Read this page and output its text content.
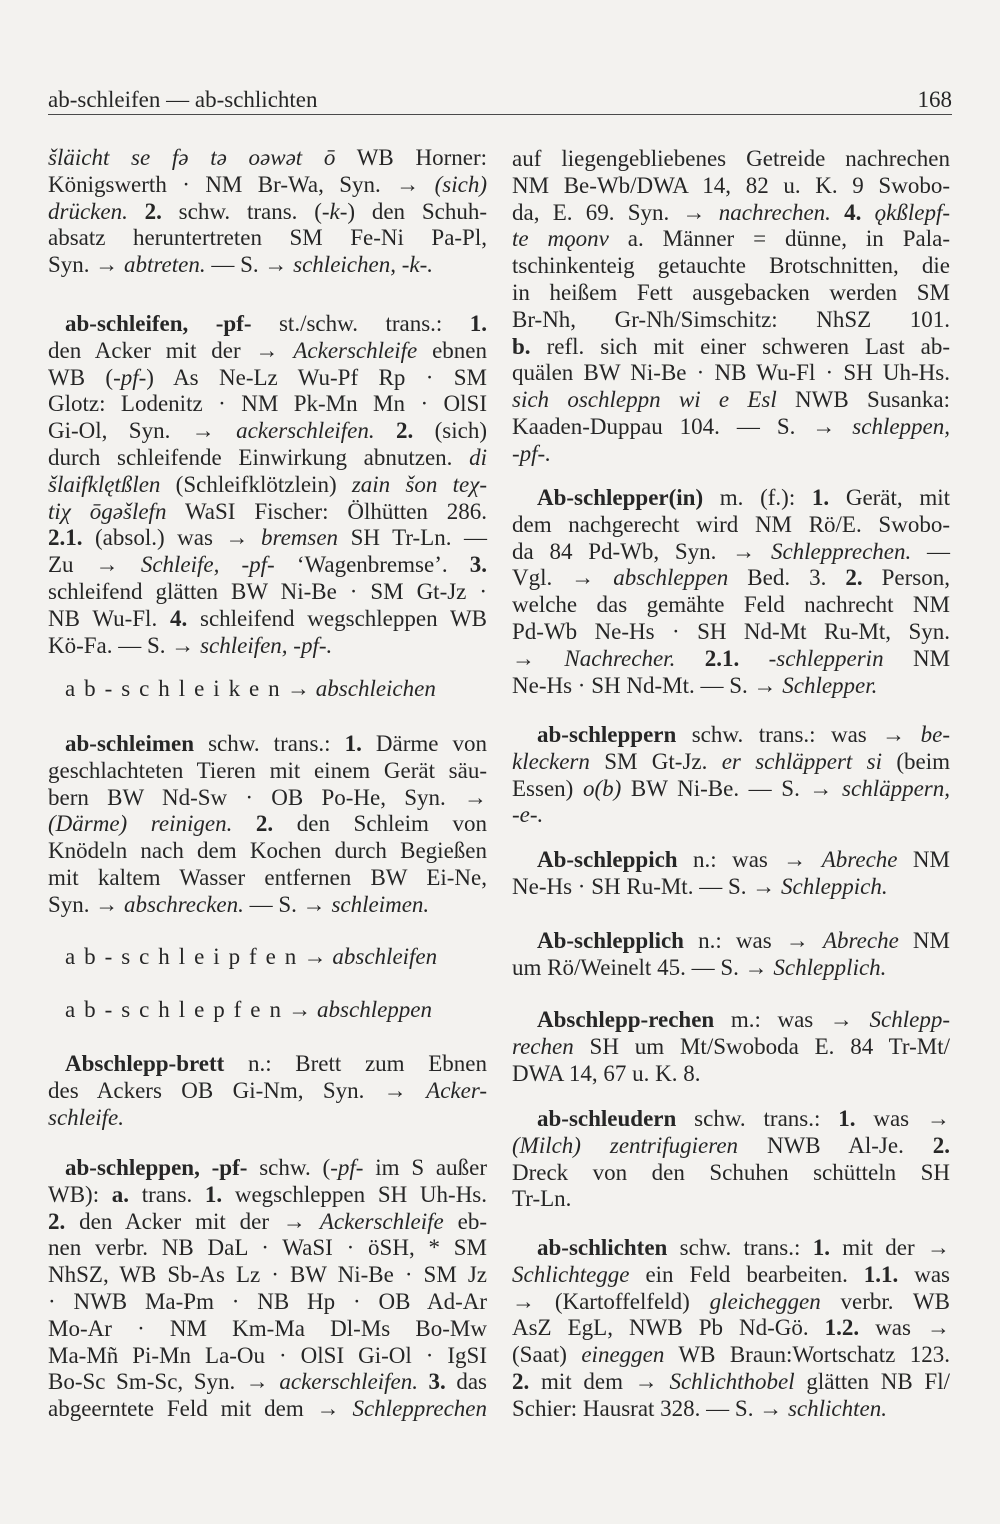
ab-schleifen — ab-schlichten	168
šläicht se fə tə oəwət ō WB Horner:
Königswerth · NM Br-Wa, Syn. → (sich)
drücken. 2. schw. trans. (-k-) den Schuh-
absatz heruntertreten SM Fe-Ni Pa-Pl,
Syn. → abtreten. — S. → schleichen, -k-.
ab-schleifen, -pf- st./schw. trans.: 1.
den Acker mit der → Ackerschleife ebnen
WB (-pf-) As Ne-Lz Wu-Pf Rp · SM
Glotz: Lodenitz · NM Pk-Mn Mn · OlSI
Gi-Ol, Syn. → ackerschleifen. 2. (sich)
durch schleifende Einwirkung abnutzen. di
šlaifklętßlen (Schleifklötzlein) zain šon teχ-
tiχ ōgəšlefn WaSI Fischer: Ölhütten 286.
2.1. (absol.) was → bremsen SH Tr-Ln. —
Zu → Schleife, -pf- ‘Wagenbremse’. 3.
schleifend glätten BW Ni-Be · SM Gt-Jz ·
NB Wu-Fl. 4. schleifend wegschleppen WB
Kö-Fa. — S. → schleifen, -pf-.
a b - s c h l e i k e n → abschleichen
ab-schleimen schw. trans.: 1. Därme von
geschlachteten Tieren mit einem Gerät säu-
bern BW Nd-Sw · OB Po-He, Syn. →
(Därme) reinigen. 2. den Schleim von
Knödeln nach dem Kochen durch Begießen
mit kaltem Wasser entfernen BW Ei-Ne,
Syn. → abschrecken. — S. → schleimen.
a b - s c h l e i p f e n → abschleifen
a b - s c h l e p f e n → abschleppen
Abschlepp-brett n.: Brett zum Ebnen
des Ackers OB Gi-Nm, Syn. → Acker-
schleife.
ab-schleppen, -pf- schw. (-pf- im S außer
WB): a. trans. 1. wegschleppen SH Uh-Hs.
2. den Acker mit der → Ackerschleife eb-
nen verbr. NB DaL · WaSI · öSH, * SM
NhSZ, WB Sb-As Lz · BW Ni-Be · SM Jz
· NWB Ma-Pm · NB Hp · OB Ad-Ar
Mo-Ar · NM Km-Ma Dl-Ms Bo-Mw
Ma-Mñ Pi-Mn La-Ou · OlSI Gi-Ol · IgSI
Bo-Sc Sm-Sc, Syn. → ackerschleifen. 3. das
abgeerntete Feld mit dem → Schlepprechen
auf liegengebliebenes Getreide nachrechen
NM Be-Wb/DWA 14, 82 u. K. 9 Swobo-
da, E. 69. Syn. → nachrechen. 4. ǫkßlepf-
te mǫonv a. Männer = dünne, in Pala-
tschinkenteig getauchte Brotschnitten, die
in heißem Fett ausgebacken werden SM
Br-Nh, Gr-Nh/Simschitz: NhSZ 101.
b. refl. sich mit einer schweren Last ab-
quälen BW Ni-Be · NB Wu-Fl · SH Uh-Hs.
sich oschleppn wi e Esl NWB Susanka:
Kaaden-Duppau 104. — S. → schleppen,
-pf-.
Ab-schlepper(in) m. (f.): 1. Gerät, mit
dem nachgerecht wird NM Rö/E. Swobo-
da 84 Pd-Wb, Syn. → Schlepprechen. —
Vgl. → abschleppen Bed. 3. 2. Person,
welche das gemähte Feld nachrecht NM
Pd-Wb Ne-Hs · SH Nd-Mt Ru-Mt, Syn.
→ Nachrecher. 2.1. -schlepperin NM
Ne-Hs · SH Nd-Mt. — S. → Schlepper.
ab-schleppern schw. trans.: was → be-
kleckern SM Gt-Jz. er schläppert si (beim
Essen) o(b) BW Ni-Be. — S. → schläppern,
-e-.
Ab-schleppich n.: was → Abreche NM
Ne-Hs · SH Ru-Mt. — S. → Schleppich.
Ab-schlepplich n.: was → Abreche NM
um Rö/Weinelt 45. — S. → Schlepplich.
Abschlepp-rechen m.: was → Schlepp-
rechen SH um Mt/Swoboda E. 84 Tr-Mt/
DWA 14, 67 u. K. 8.
ab-schleudern schw. trans.: 1. was →
(Milch) zentrifugieren NWB Al-Je. 2.
Dreck von den Schuhen schütteln SH
Tr-Ln.
ab-schlichten schw. trans.: 1. mit der →
Schlichtegge ein Feld bearbeiten. 1.1. was
→ (Kartoffelfeld) gleicheggen verbr. WB
AsZ EgL, NWB Pb Nd-Gö. 1.2. was →
(Saat) eineggen WB Braun:Wortschatz 123.
2. mit dem → Schlichthobel glätten NB Fl/
Schier: Hausrat 328. — S. → schlichten.
